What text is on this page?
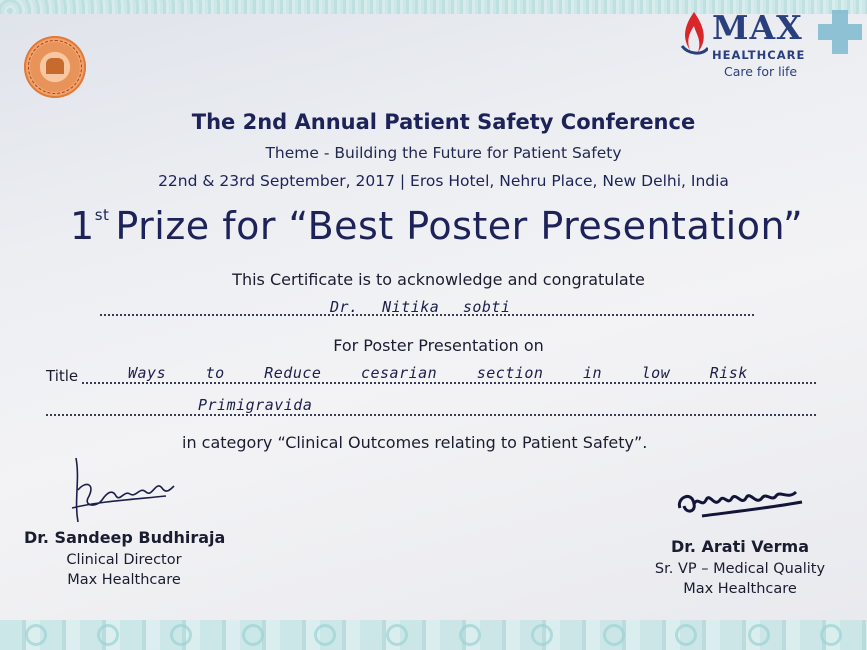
MAX
HEALTHCARE
Care for life
The 2nd Annual Patient Safety Conference
Theme - Building the Future for Patient Safety
22nd & 23rd September, 2017 | Eros Hotel, Nehru Place, New Delhi, India
1st Prize for “Best Poster Presentation”
This Certificate is to acknowledge and congratulate
Dr. Nitika sobti
For Poster Presentation on
Title	Ways to Reduce cesarian section in low Risk
Primigravida
in category “Clinical Outcomes relating to Patient Safety”.
Dr. Sandeep Budhiraja
Clinical Director
Max Healthcare
Dr. Arati Verma
Sr. VP – Medical Quality
Max Healthcare
